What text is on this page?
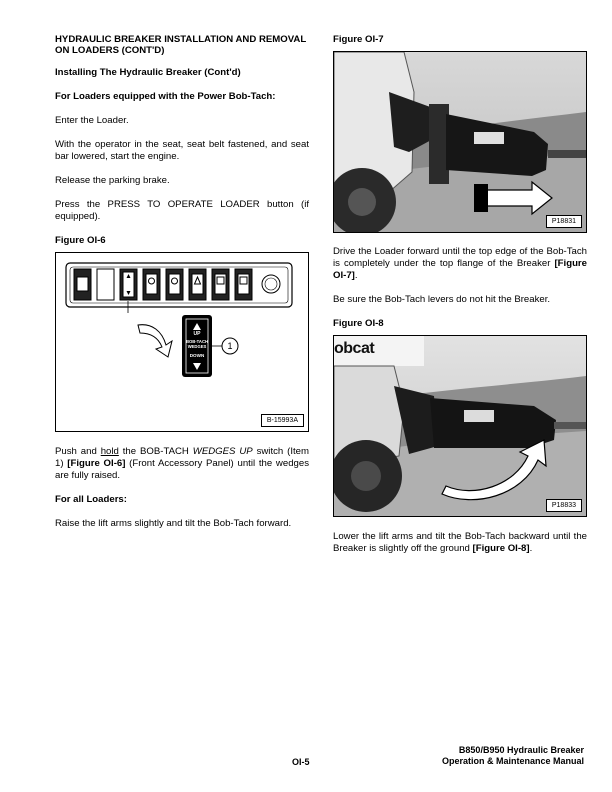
HYDRAULIC BREAKER INSTALLATION AND REMOVAL ON LOADERS (CONT'D)

Installing The Hydraulic Breaker (Cont'd)

For Loaders equipped with the Power Bob-Tach:

Enter the Loader.

With the operator in the seat, seat belt fastened, and seat bar lowered, start the engine.

Release the parking brake.

Press the PRESS TO OPERATE LOADER button (if equipped).

Figure OI-6

UP
BOB-TACH
WEDGES
DOWN
1
B-15993A

Push and hold the BOB-TACH WEDGES UP switch (Item 1) [Figure OI-6] (Front Accessory Panel) until the wedges are fully raised.

For all Loaders:

Raise the lift arms slightly and tilt the Bob-Tach forward.

Figure OI-7

P18831

Drive the Loader forward until the top edge of the Bob-Tach is completely under the top flange of the Breaker [Figure OI-7].

Be sure the Bob-Tach levers do not hit the Breaker.

Figure OI-8

obcat
P18833

Lower the lift arms and tilt the Bob-Tach backward until the Breaker is slightly off the ground [Figure OI-8].

OI-5
B850/B950 Hydraulic Breaker
Operation & Maintenance Manual
